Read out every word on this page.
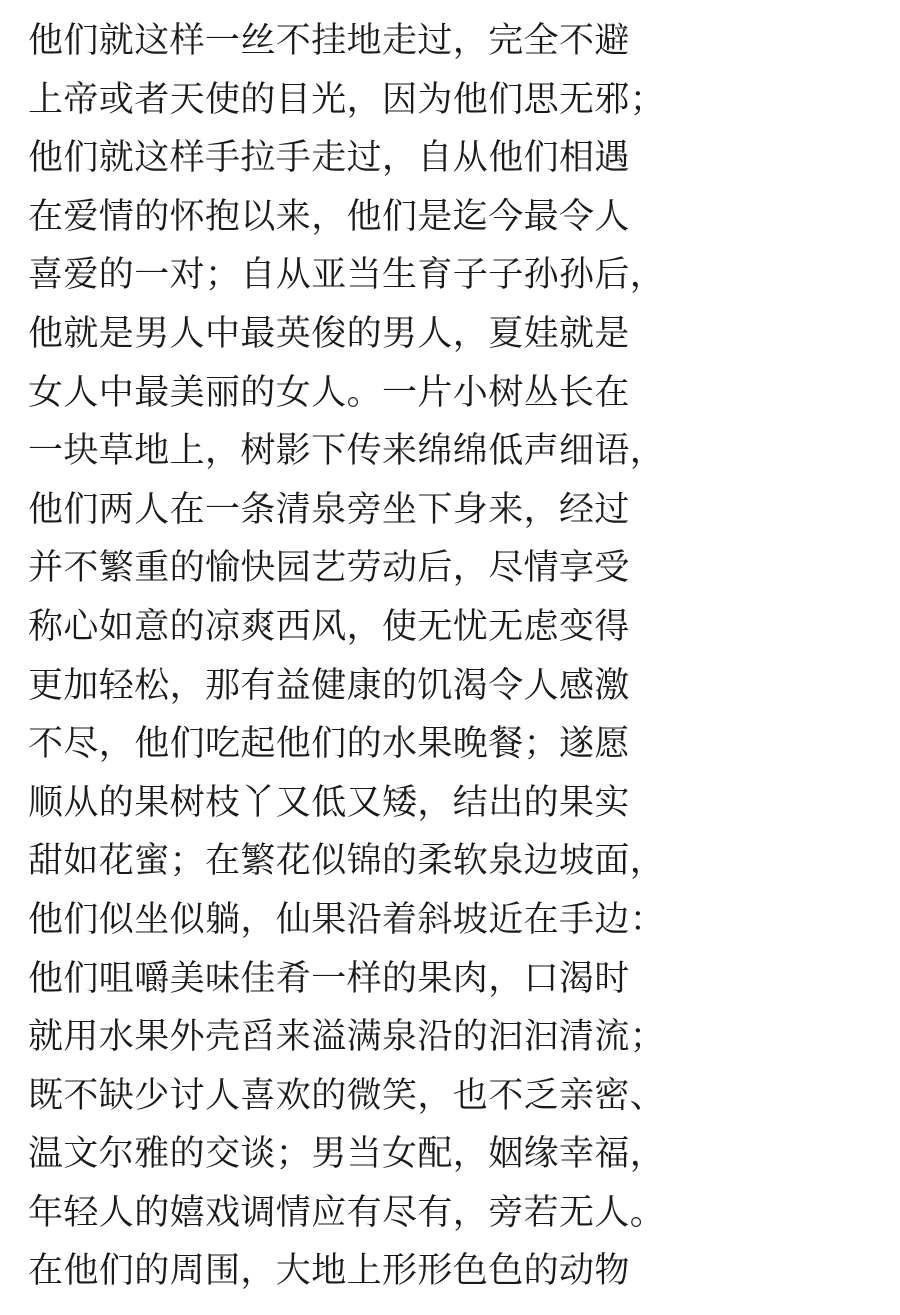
他们就这样一丝不挂地走过，完全不避
上帝或者天使的目光，因为他们思无邪；
他们就这样手拉手走过，自从他们相遇
在爱情的怀抱以来，他们是迄今最令人
喜爱的一对；自从亚当生育子子孙孙后，
他就是男人中最英俊的男人，夏娃就是
女人中最美丽的女人。一片小树丛长在
一块草地上，树影下传来绵绵低声细语，
他们两人在一条清泉旁坐下身来，经过
并不繁重的愉快园艺劳动后，尽情享受
称心如意的凉爽西风，使无忧无虑变得
更加轻松，那有益健康的饥渴令人感激
不尽，他们吃起他们的水果晚餐；遂愿
顺从的果树枝丫又低又矮，结出的果实
甜如花蜜；在繁花似锦的柔软泉边坡面，
他们似坐似躺，仙果沿着斜坡近在手边：
他们咀嚼美味佳肴一样的果肉，口渴时
就用水果外壳舀来溢满泉沿的汩汩清流；
既不缺少讨人喜欢的微笑，也不乏亲密、
温文尔雅的交谈；男当女配，姻缘幸福，
年轻人的嬉戏调情应有尽有，旁若无人。
在他们的周围，大地上形形色色的动物
